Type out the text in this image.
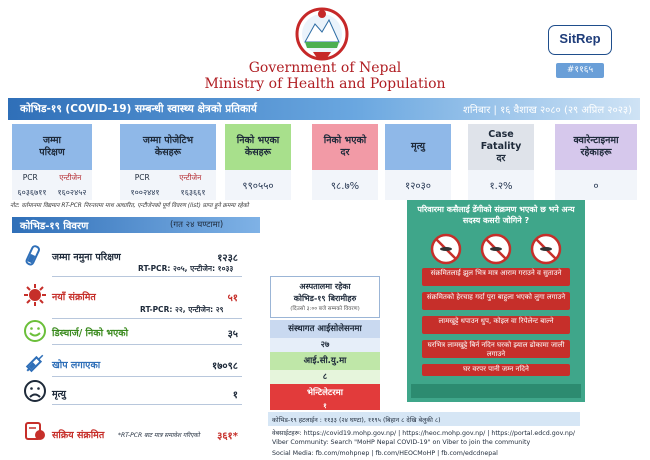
Government of Nepal
Ministry of Health and Population
SitRep
#११६५
कोभिड-१९ (COVID-19) सम्बन्धी स्वास्थ्य क्षेत्रको प्रतिकार्य	शनिबार | १६ वैशाख २०८० (२९ अप्रिल २०२३)
जम्मा
परिक्षण
PCR	एन्टीजेन
६०३६७११ १६०२४५२
जम्मा पोजेटिभ
केसहरू
PCR	एन्टीजेन
१००२४४१	१६३६६१
निको भएका
केसहरू
९९०५५०
निको भएको
दर
९८.७%
मृत्यु
१२०३०
Case
Fatality
दर
१.२%
क्वारेन्टाइनमा
रहेकाहरू
०
नोट: वर्तमानमा विद्यमान RT-PCR निरन्तरमा माथ आधारित, एन्टीजेनको पूर्ण विवरण (list) प्राप्त हुने क्रममा रहेको
कोभिड-१९ विवरण	(गत २४ घण्टामा)
जम्मा नमुना परिक्षण	१२३८
RT-PCR: २०५, एन्टीजेन: १०३३
नयाँ संक्रमित	५१
RT-PCR: २२, एन्टीजेन: २९
डिस्चार्ज/ निको भएको	३५
खोप लगाएका	१७०९८
मृत्यु	१
सक्रिय संक्रमित *RT-PCR बाट मात्र समावेश गरिएको	३६१*
अस्पतालमा रहेका
कोभिड-१९ बिरामीहरु
(दिउसो ३:०० बजे सम्मको विवरण)
संस्थागत आईसोलेसनमा
२७
आई.सी.यु.मा
८
भेन्टिलेटरमा
१
परिवारमा कसैलाई डेंगीको संक्रमण भएको छ भने अन्य सदस्य कसरी जोगिने ?
संक्रमितलाई झुल भित्र मात्र आराम गराउने व सुताउने
संक्रमितको हेरचाह गर्दा पुरा बाहुला भएको लुगा लगाउने
लामखुट्टे धपाउन धुप, कोइल वा रिपेलेन्ट बाल्ने
घरभित्र लामखुट्टे बिर्न नदिन घरको झ्याल ढोकामा जाली लगाउने
घर वरपर पानी जम्न नदिने
कोभिड-१९ हटलाईन : ११३३ (२४ घण्टा), ११९५ (बिहान ८ देखि बेलुकी ८)
वेबसाईटहरू: https://covid19.mohp.gov.np/ | https://heoc.mohp.gov.np/ | https://portal.edcd.gov.np/
Viber Community: Search "MoHP Nepal COVID-19" on Viber to join the community
Social Media: fb.com/mohpnep | fb.com/HEOCMoHP | fb.com/edcdnepal
